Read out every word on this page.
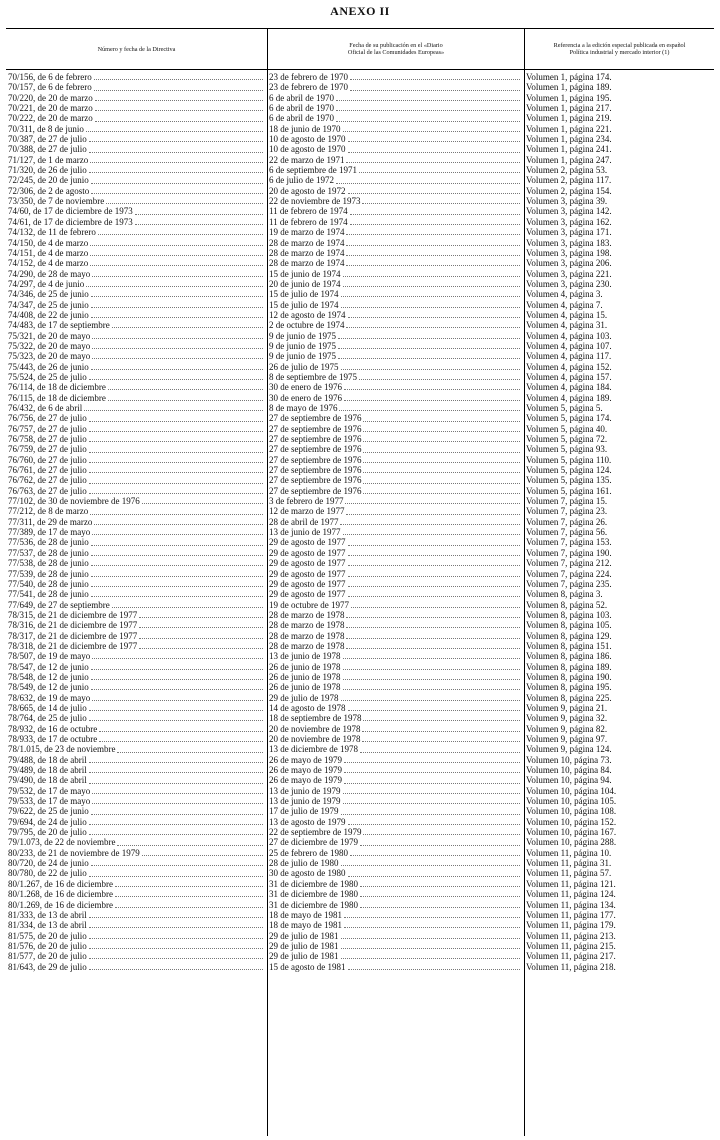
ANEXO II
Número y fecha de la Directiva	Fecha de su publicación en el «Diario
Oficial de las Comunidades Europeas»
Referencia a la edición especial publicada en español
Política industrial y mercado interior (1)
70/156, de 6 de febrero	23 de febrero de 1970	Volumen 1, página 174.
70/157, de 6 de febrero	23 de febrero de 1970	Volumen 1, página 189.
70/220, de 20 de marzo	6 de abril de 1970	Volumen 1, página 195.
70/221, de 20 de marzo	6 de abril de 1970	Volumen 1, página 217.
70/222, de 20 de marzo	6 de abril de 1970	Volumen 1, página 219.
70/311, de 8 de junio	18 de junio de 1970	Volumen 1, página 221.
70/387, de 27 de julio	10 de agosto de 1970	Volumen 1, página 234.
70/388, de 27 de julio	10 de agosto de 1970	Volumen 1, página 241.
71/127, de 1 de marzo	22 de marzo de 1971	Volumen 1, página 247.
71/320, de 26 de julio	6 de septiembre de 1971	Volumen 2, página 53.
72/245, de 20 de junio	6 de julio de 1972	Volumen 2, página 117.
72/306, de 2 de agosto	20 de agosto de 1972	Volumen 2, página 154.
73/350, de 7 de noviembre	22 de noviembre de 1973	Volumen 3, página 39.
74/60, de 17 de diciembre de 1973	11 de febrero de 1974	Volumen 3, página 142.
74/61, de 17 de diciembre de 1973	11 de febrero de 1974	Volumen 3, página 162.
74/132, de 11 de febrero	19 de marzo de 1974	Volumen 3, página 171.
74/150, de 4 de marzo	28 de marzo de 1974	Volumen 3, página 183.
74/151, de 4 de marzo	28 de marzo de 1974	Volumen 3, página 198.
74/152, de 4 de marzo	28 de marzo de 1974	Volumen 3, página 206.
74/290, de 28 de mayo	15 de junio de 1974	Volumen 3, página 221.
74/297, de 4 de junio	20 de junio de 1974	Volumen 3, página 230.
74/346, de 25 de junio	15 de julio de 1974	Volumen 4, página 3.
74/347, de 25 de junio	15 de julio de 1974	Volumen 4, página 7.
74/408, de 22 de junio	12 de agosto de 1974	Volumen 4, página 15.
74/483, de 17 de septiembre	2 de octubre de 1974	Volumen 4, página 31.
75/321, de 20 de mayo	9 de junio de 1975	Volumen 4, página 103.
75/322, de 20 de mayo	9 de junio de 1975	Volumen 4, página 107.
75/323, de 20 de mayo	9 de junio de 1975	Volumen 4, página 117.
75/443, de 26 de junio	26 de julio de 1975	Volumen 4, página 152.
75/524, de 25 de julio	8 de septiembre de 1975	Volumen 4, página 157.
76/114, de 18 de diciembre	30 de enero de 1976	Volumen 4, página 184.
76/115, de 18 de diciembre	30 de enero de 1976	Volumen 4, página 189.
76/432, de 6 de abril	8 de mayo de 1976	Volumen 5, página 5.
76/756, de 27 de julio	27 de septiembre de 1976	Volumen 5, página 174.
76/757, de 27 de julio	27 de septiembre de 1976	Volumen 5, página 40.
76/758, de 27 de julio	27 de septiembre de 1976	Volumen 5, página 72.
76/759, de 27 de julio	27 de septiembre de 1976	Volumen 5, página 93.
76/760, de 27 de julio	27 de septiembre de 1976	Volumen 5, página 110.
76/761, de 27 de julio	27 de septiembre de 1976	Volumen 5, página 124.
76/762, de 27 de julio	27 de septiembre de 1976	Volumen 5, página 135.
76/763, de 27 de julio	27 de septiembre de 1976	Volumen 5, página 161.
77/102, de 30 de noviembre de 1976	3 de febrero de 1977	Volumen 7, página 15.
77/212, de 8 de marzo	12 de marzo de 1977	Volumen 7, página 23.
77/311, de 29 de marzo	28 de abril de 1977	Volumen 7, página 26.
77/389, de 17 de mayo	13 de junio de 1977	Volumen 7, página 56.
77/536, de 28 de junio	29 de agosto de 1977	Volumen 7, página 153.
77/537, de 28 de junio	29 de agosto de 1977	Volumen 7, página 190.
77/538, de 28 de junio	29 de agosto de 1977	Volumen 7, página 212.
77/539, de 28 de junio	29 de agosto de 1977	Volumen 7, página 224.
77/540, de 28 de junio	29 de agosto de 1977	Volumen 7, página 235.
77/541, de 28 de junio	29 de agosto de 1977	Volumen 8, página 3.
77/649, de 27 de septiembre	19 de octubre de 1977	Volumen 8, página 52.
78/315, de 21 de diciembre de 1977	28 de marzo de 1978	Volumen 8, página 103.
78/316, de 21 de diciembre de 1977	28 de marzo de 1978	Volumen 8, página 105.
78/317, de 21 de diciembre de 1977	28 de marzo de 1978	Volumen 8, página 129.
78/318, de 21 de diciembre de 1977	28 de marzo de 1978	Volumen 8, página 151.
78/507, de 19 de mayo	13 de junio de 1978	Volumen 8, página 186.
78/547, de 12 de junio	26 de junio de 1978	Volumen 8, página 189.
78/548, de 12 de junio	26 de junio de 1978	Volumen 8, página 190.
78/549, de 12 de junio	26 de junio de 1978	Volumen 8, página 195.
78/632, de 19 de mayo	29 de julio de 1978	Volumen 8, página 225.
78/665, de 14 de julio	14 de agosto de 1978	Volumen 9, página 21.
78/764, de 25 de julio	18 de septiembre de 1978	Volumen 9, página 32.
78/932, de 16 de octubre	20 de noviembre de 1978	Volumen 9, página 82.
78/933, de 17 de octubre	20 de noviembre de 1978	Volumen 9, página 97.
78/1.015, de 23 de noviembre	13 de diciembre de 1978	Volumen 9, página 124.
79/488, de 18 de abril	26 de mayo de 1979	Volumen 10, página 73.
79/489, de 18 de abril	26 de mayo de 1979	Volumen 10, página 84.
79/490, de 18 de abril	26 de mayo de 1979	Volumen 10, página 94.
79/532, de 17 de mayo	13 de junio de 1979	Volumen 10, página 104.
79/533, de 17 de mayo	13 de junio de 1979	Volumen 10, página 105.
79/622, de 25 de junio	17 de julio de 1979	Volumen 10, página 108.
79/694, de 24 de julio	13 de agosto de 1979	Volumen 10, página 152.
79/795, de 20 de julio	22 de septiembre de 1979	Volumen 10, página 167.
79/1.073, de 22 de noviembre	27 de diciembre de 1979	Volumen 10, página 288.
80/233, de 21 de noviembre de 1979	25 de febrero de 1980	Volumen 11, página 10.
80/720, de 24 de junio	28 de julio de 1980	Volumen 11, página 31.
80/780, de 22 de julio	30 de agosto de 1980	Volumen 11, página 57.
80/1.267, de 16 de diciembre	31 de diciembre de 1980	Volumen 11, página 121.
80/1.268, de 16 de diciembre	31 de diciembre de 1980	Volumen 11, página 124.
80/1.269, de 16 de diciembre	31 de diciembre de 1980	Volumen 11, página 134.
81/333, de 13 de abril	18 de mayo de 1981	Volumen 11, página 177.
81/334, de 13 de abril	18 de mayo de 1981	Volumen 11, página 179.
81/575, de 20 de julio	29 de julio de 1981	Volumen 11, página 213.
81/576, de 20 de julio	29 de julio de 1981	Volumen 11, página 215.
81/577, de 20 de julio	29 de julio de 1981	Volumen 11, página 217.
81/643, de 29 de julio	15 de agosto de 1981	Volumen 11, página 218.
